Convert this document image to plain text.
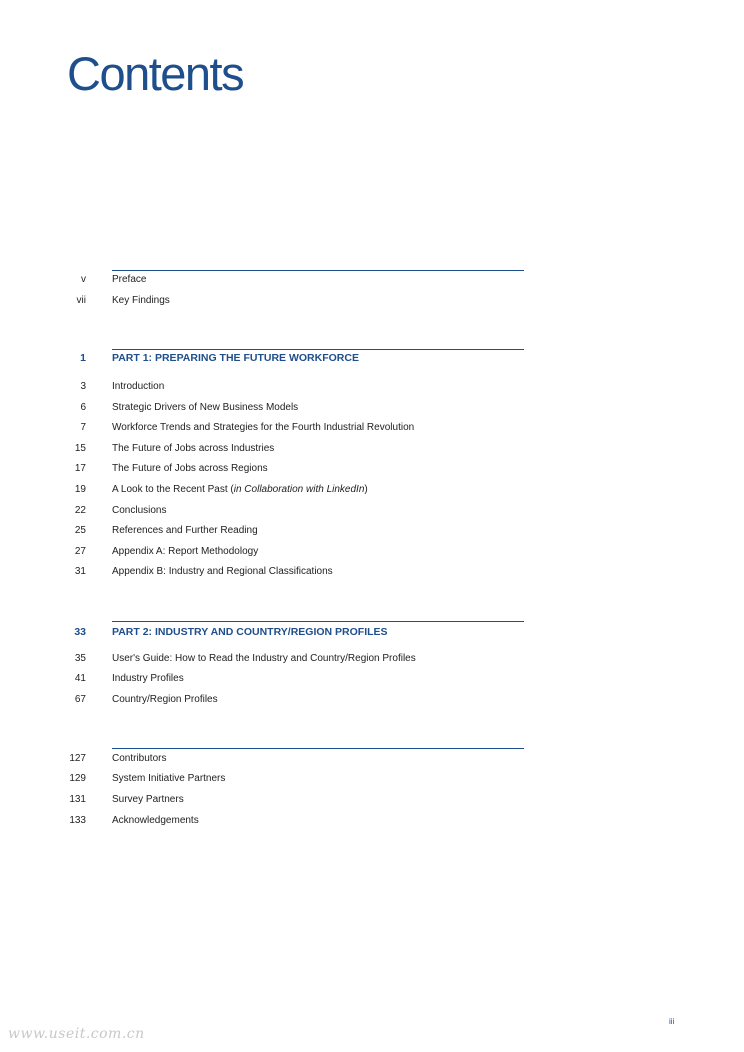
Contents
v	Preface
vii	Key Findings
1 PART 1: PREPARING THE FUTURE WORKFORCE
3	Introduction
6	Strategic Drivers of New Business Models
7	Workforce Trends and Strategies for the Fourth Industrial Revolution
15	The Future of Jobs across Industries
17	The Future of Jobs across Regions
19	A Look to the Recent Past (in Collaboration with LinkedIn)
22	Conclusions
25	References and Further Reading
27	Appendix A: Report Methodology
31	Appendix B: Industry and Regional Classifications
33 PART 2: INDUSTRY AND COUNTRY/REGION PROFILES
35	User's Guide: How to Read the Industry and Country/Region Profiles
41	Industry Profiles
67	Country/Region Profiles
127	Contributors
129	System Initiative Partners
131	Survey Partners
133	Acknowledgements
iii
www.useit.com.cn
